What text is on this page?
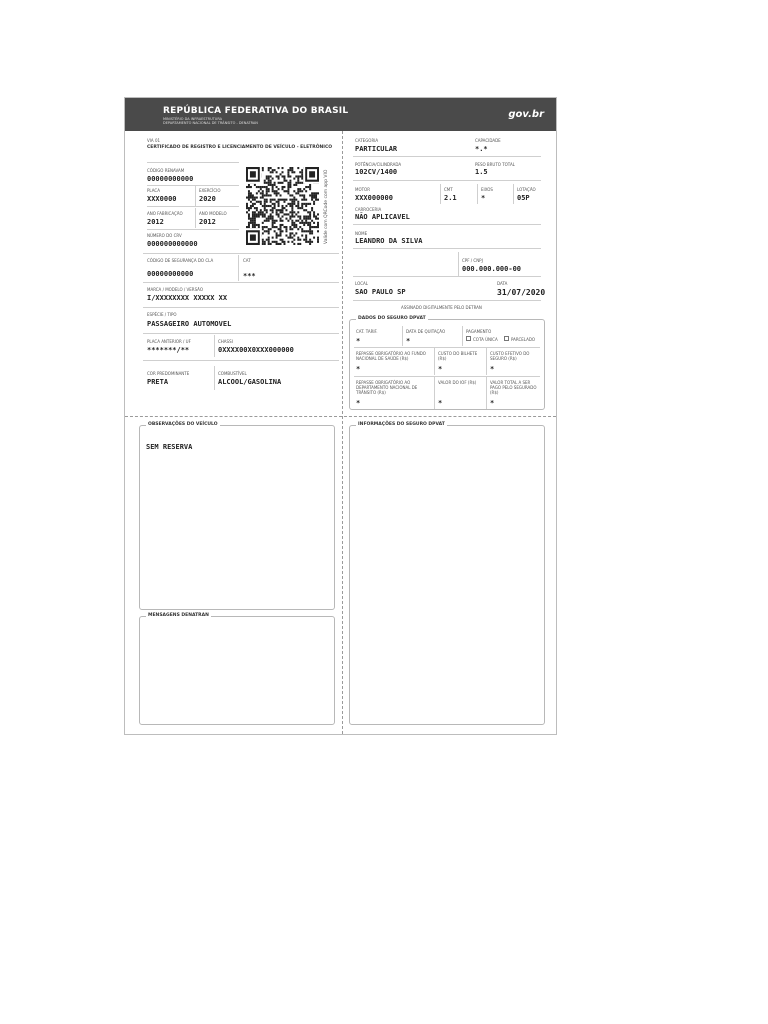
REPÚBLICA FEDERATIVA DO BRASIL
MINISTÉRIO DA INFRAESTRUTURA
DEPARTAMENTO NACIONAL DE TRÂNSITO - DENATRAN
gov.br
VIA 01
CERTIFICADO DE REGISTRO E LICENCIAMENTO DE VEÍCULO - ELETRÔNICO
CÓDIGO RENAVAM
00000000000
PLACA
XXX0000
EXERCÍCIO
2020
ANO FABRICAÇÃO
2012
ANO MODELO
2012
NÚMERO DO CRV
000000000000	Valide com QRCode com app VIO
CÓDIGO DE SEGURANÇA DO CLA
00000000000
CAT
***
MARCA / MODELO / VERSÃO
I/XXXXXXXX XXXXX XX
ESPÉCIE / TIPO
PASSAGEIRO AUTOMOVEL
PLACA ANTERIOR / UF
*******/**
CHASSI
0XXXX00X0XXX000000
COR PREDOMINANTE
PRETA
COMBUSTÍVEL
ALCOOL/GASOLINA
CATEGORIA
PARTICULAR
CAPACIDADE
*.*
POTÊNCIA/CILINDRADA
102CV/1400
PESO BRUTO TOTAL
1.5
MOTOR
XXX000000
CMT
2.1
EIXOS
*
LOTAÇÃO
05P
CARROCERIA
NÃO APLICAVEL
NOME
LEANDRO DA SILVA
CPF / CNPJ
000.000.000-00
LOCAL
SAO PAULO SP
DATA
31/07/2020
ASSINADO DIGITALMENTE PELO DETRAN
DADOS DO SEGURO DPVAT
CAT. TARIF.
*
DATA DE QUITAÇÃO
*
PAGAMENTO
COTA ÚNICA	PARCELADO
REPASSE OBRIGATÓRIO AO FUNDO NACIONAL DE SAÚDE (R$)
*
CUSTO DO BILHETE (R$)
*
CUSTO EFETIVO DO SEGURO (R$)
*
REPASSE OBRIGATÓRIO AO DEPARTAMENTO NACIONAL DE TRÂNSITO (R$)
*
VALOR DO IOF (R$)
*
VALOR TOTAL A SER PAGO PELO SEGURADO (R$)
*
OBSERVAÇÕES DO VEÍCULO
SEM RESERVA
MENSAGENS DENATRAN
INFORMAÇÕES DO SEGURO DPVAT
